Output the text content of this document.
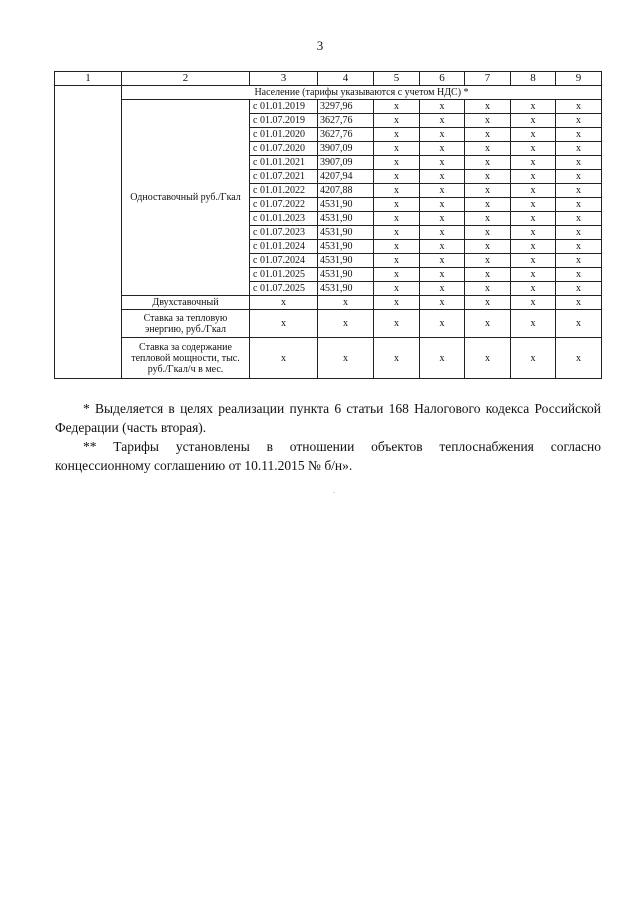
3
1	2	3	4	5	6	7	8	9
	Население (тарифы указываются с учетом НДС) *							
	Одноставочный руб./Гкал	с 01.01.2019	3297,96	x	x	x	x	x
		с 01.07.2019	3627,76	x	x	x	x	x
		с 01.01.2020	3627,76	x	x	x	x	x
		с 01.07.2020	3907,09	x	x	x	x	x
		с 01.01.2021	3907,09	x	x	x	x	x
		с 01.07.2021	4207,94	x	x	x	x	x
		с 01.01.2022	4207,88	x	x	x	x	x
		с 01.07.2022	4531,90	x	x	x	x	x
		с 01.01.2023	4531,90	x	x	x	x	x
		с 01.07.2023	4531,90	x	x	x	x	x
		с 01.01.2024	4531,90	x	x	x	x	x
		с 01.07.2024	4531,90	x	x	x	x	x
		с 01.01.2025	4531,90	x	x	x	x	x
		с 01.07.2025	4531,90	x	x	x	x	x
	Двухставочный	x	x	x	x	x	x	x
	Ставка за тепловую энергию, руб./Гкал	x	x	x	x	x	x	x
	Ставка за содержание тепловой мощности, тыс. руб./Гкал/ч в мес.	x	x	x	x	x	x	x

* Выделяется в целях реализации пункта 6 статьи 168 Налогового кодекса Российской Федерации (часть вторая).

** Тарифы установлены в отношении объектов теплоснабжения согласно концессионному соглашению от 10.11.2015 № б/н».

`
